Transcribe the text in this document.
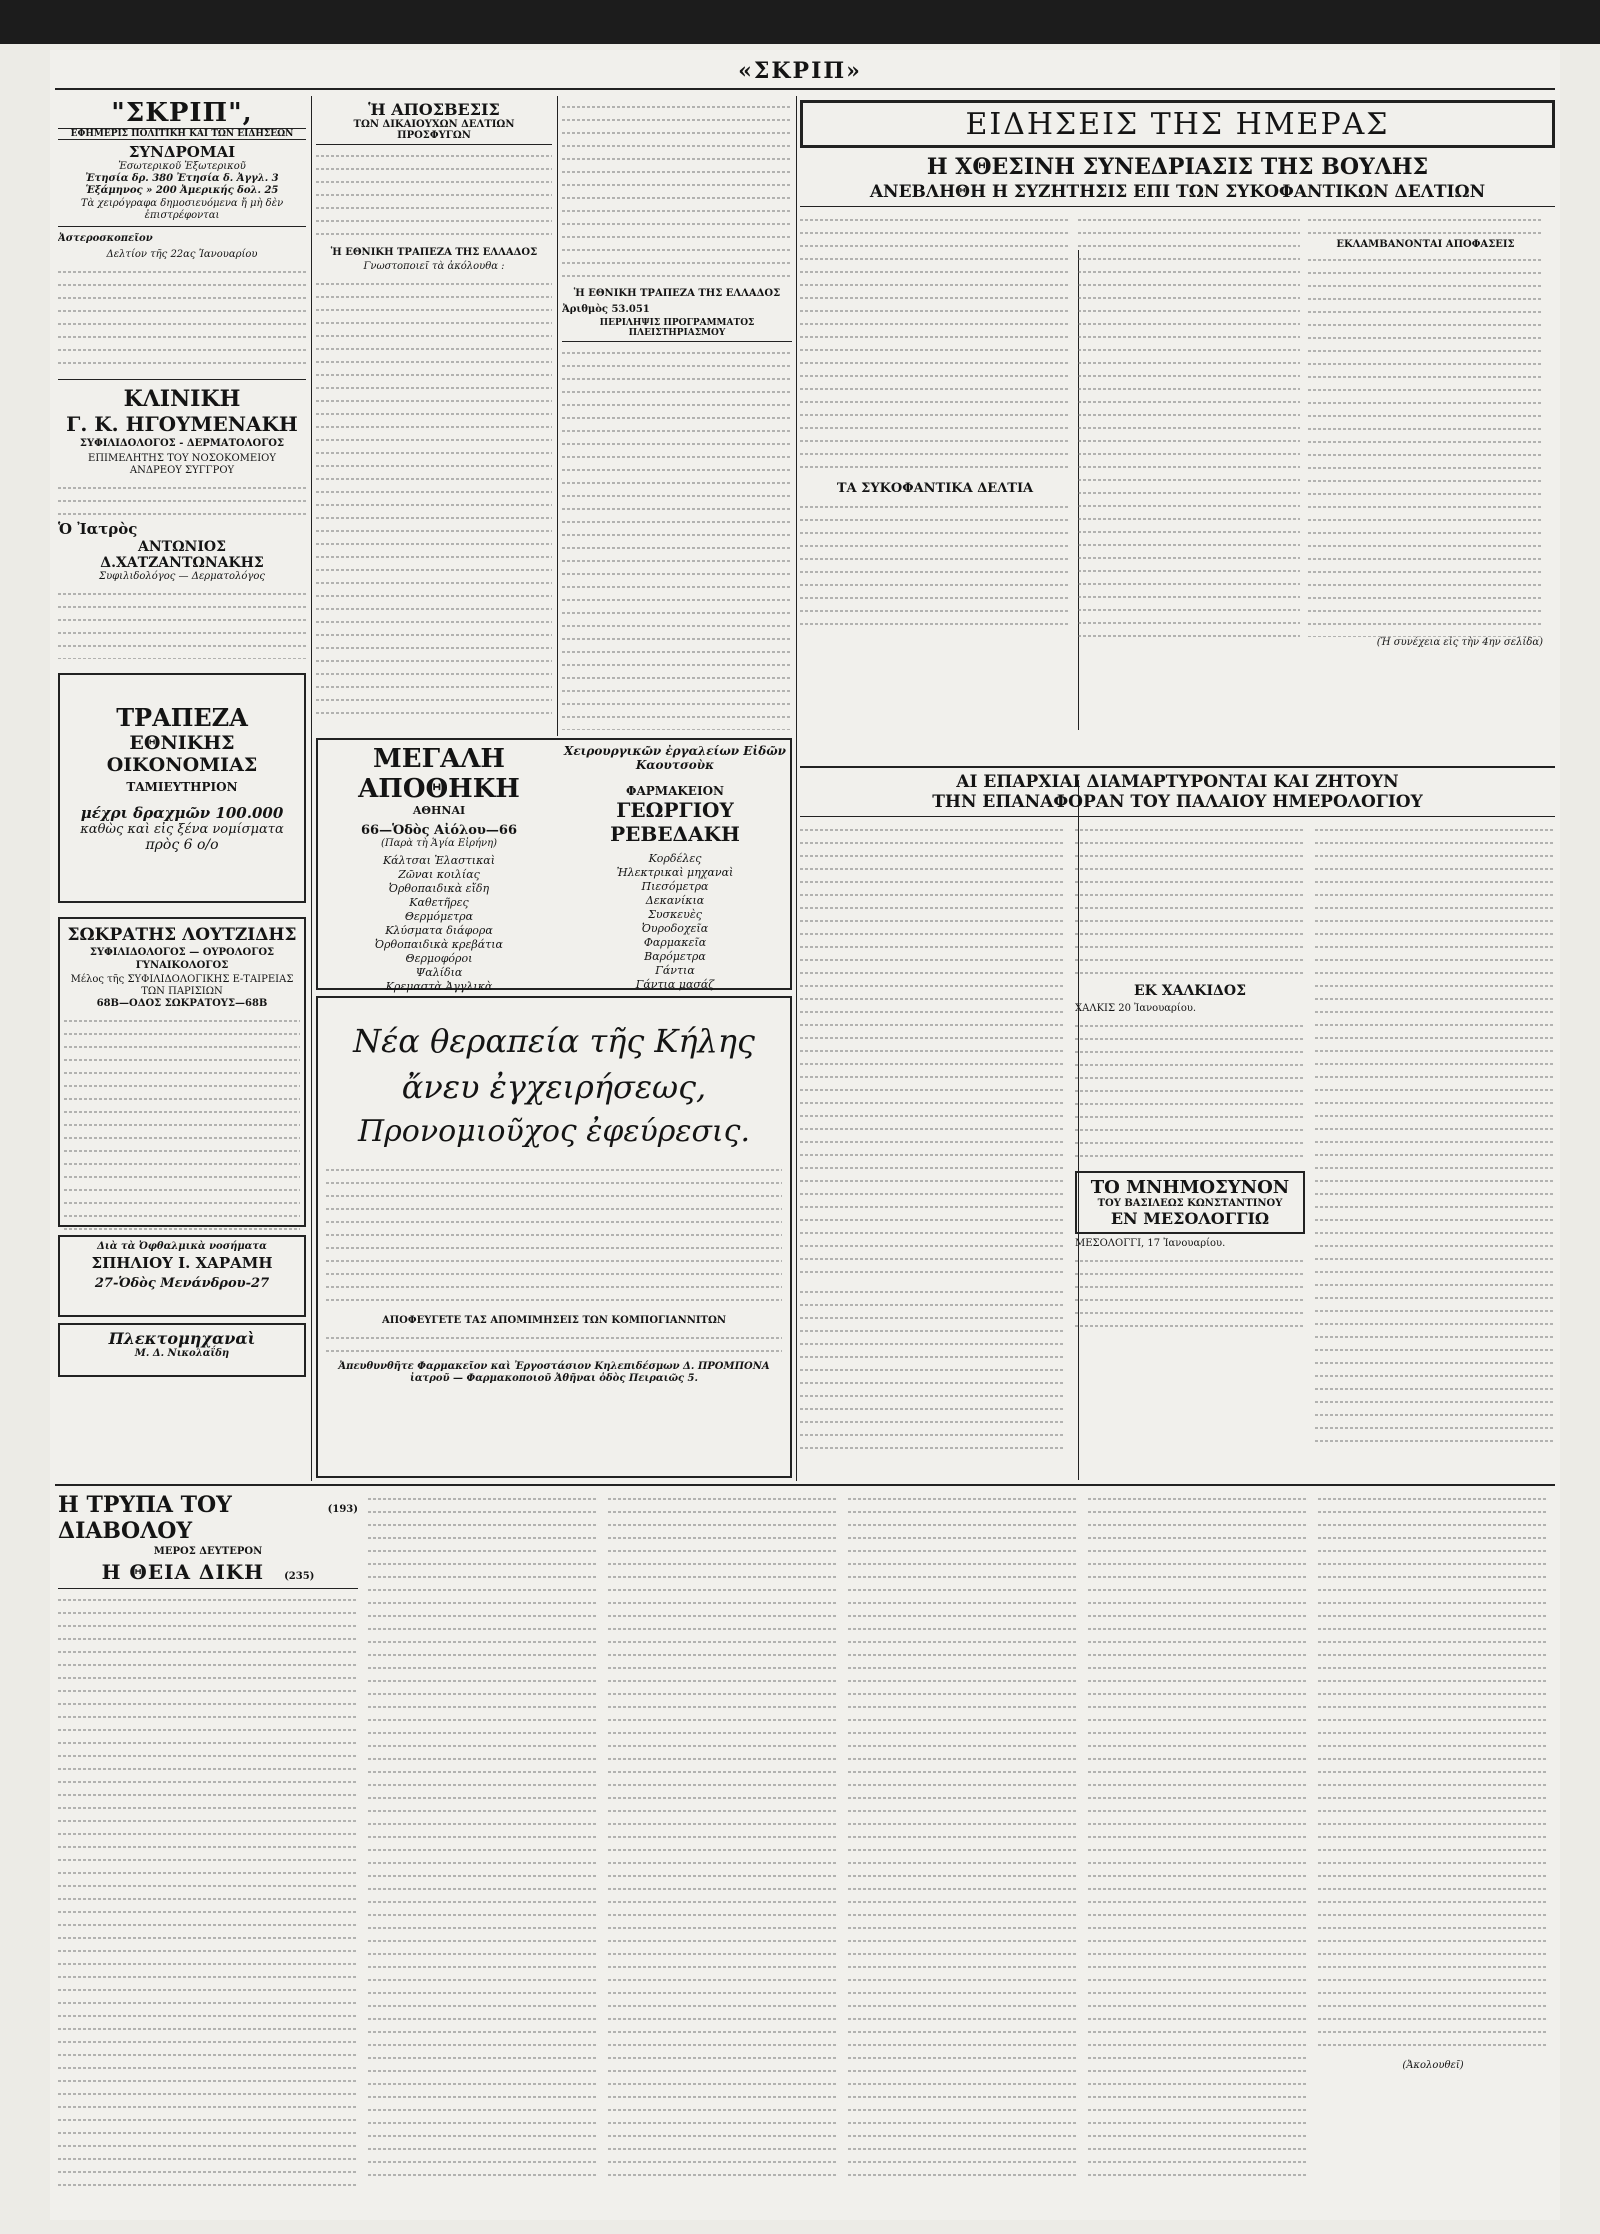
«ΣΚΡΙΠ»
"ΣΚΡΙΠ",
ΕΦΗΜΕΡΙΣ ΠΟΛΙΤΙΚΗ ΚΑΙ ΤΩΝ ΕΙΔΗΣΕΩΝ
ΣΥΝΔΡΟΜΑΙ
Ἐσωτερικοῦ Ἐξωτερικοῦ
Ἐτησία δρ. 380 Ἐτησία δ. Ἀγγλ. 3
Ἑξάμηνος » 200 Ἀμερικής δολ. 25
Τὰ χειρόγραφα δημοσιευόμενα ἤ μὴ δὲν ἐπιστρέφονται
Ἀστεροσκοπεῖον
Δελτίον τῆς 22ας Ἰανουαρίου
ΚΛΙΝΙΚΗ
Γ. Κ. ΗΓΟΥΜΕΝΑΚΗ
ΣΥΦΙΛΙΔΟΛΟΓΟΣ - ΔΕΡΜΑΤΟΛΟΓΟΣ
ΕΠΙΜΕΛΗΤΗΣ ΤΟΥ ΝΟΣΟΚΟΜΕΙΟΥ
ΑΝΔΡΕΟΥ ΣΥΓΓΡΟΥ
Ὁ Ἰατρὸς
ΑΝΤΩΝΙΟΣ Δ.ΧΑΤΖΑΝΤΩΝΑΚΗΣ
Συφιλιδολόγος — Δερματολόγος
ΤΡΑΠΕΖΑ
ΕΘΝΙΚΗΣ ΟΙΚΟΝΟΜΙΑΣ
ΤΑΜΙΕΥΤΗΡΙΟΝ
μέχρι δραχμῶν 100.000
καθὼς καὶ εἰς ξένα νομίσματα
πρὸς 6 ο/ο
ΣΩΚΡΑΤΗΣ ΛΟΥΤΖΙΔΗΣ
ΣΥΦΙΛΙΔΟΛΟΓΟΣ — ΟΥΡΟΛΟΓΟΣ ΓΥΝΑΙΚΟΛΟΓΟΣ
Μέλος τῆς ΣΥΦΙΛΙΔΟΛΟΓΙΚΗΣ Ε-ΤΑΙΡΕΙΑΣ ΤΩΝ ΠΑΡΙΣΙΩΝ
68Β—ΟΔΟΣ ΣΩΚΡΑΤΟΥΣ—68Β
Διὰ τὰ Ὀφθαλμικὰ νοσήματα
ΣΠΗΛΙΟΥ Ι. ΧΑΡΑΜΗ
27-Ὁδὸς Μενάνδρου-27
Πλεκτομηχαναὶ
Μ. Δ. Νικολαΐδη
Ἡ ΑΠΟΣΒΕΣΙΣ
ΤΩΝ ΔΙΚΑΙΟΥΧΩΝ ΔΕΛΤΙΩΝ ΠΡΟΣΦΥΓΩΝ
Ἡ ΕΘΝΙΚΗ ΤΡΑΠΕΖΑ ΤΗΣ ΕΛΛΑΔΟΣ
Γνωστοποιεῖ τὰ ἀκόλουθα :
Ἡ ΕΘΝΙΚΗ ΤΡΑΠΕΖΑ ΤΗΣ ΕΛΛΑΔΟΣ
Ἀριθμὸς 53.051
ΠΕΡΙΛΗΨΙΣ ΠΡΟΓΡΑΜΜΑΤΟΣ ΠΛΕΙΣΤΗΡΙΑΣΜΟΥ
ΕΙΔΗΣΕΙΣ ΤΗΣ ΗΜΕΡΑΣ
Η ΧΘΕΣΙΝΗ ΣΥΝΕΔΡΙΑΣΙΣ ΤΗΣ ΒΟΥΛΗΣ
ΑΝΕΒΛΗΘΗ Η ΣΥΖΗΤΗΣΙΣ ΕΠΙ ΤΩΝ ΣΥΚΟΦΑΝΤΙΚΩΝ ΔΕΛΤΙΩΝ
ΤΑ ΣΥΚΟΦΑΝΤΙΚΑ ΔΕΛΤΙΑ
ΕΚΛΑΜΒΑΝΟΝΤΑΙ ΑΠΟΦΑΣΕΙΣ
(Ἡ συνέχεια εἰς τὴν 4ην σελίδα)
ΜΕΓΑΛΗ ΑΠΟΘΗΚΗ
ΑΘΗΝΑΙ
66—Ὁδὸς Αἰόλου—66
(Παρὰ τὴ Ἁγία Εἰρήνη)
Κάλτσαι Ἐλαστικαὶ
Ζῶναι κοιλίας
Ὀρθοπαιδικὰ εἴδη
Καθετῆρες
Θερμόμετρα
Κλύσματα διάφορα
Ὀρθοπαιδικὰ κρεβάτια
Θερμοφόροι
Ψαλίδια
Κρεμαστὰ Ἀγγλικὰ
Χειρουργικῶν ἐργαλείων Εἰδῶν Καουτσοὺκ
ΦΑΡΜΑΚΕΙΟΝ
ΓΕΩΡΓΙΟΥ ΡΕΒΕΔΑΚΗ
Κορδέλες
Ἠλεκτρικαὶ μηχαναὶ
Πιεσόμετρα
Δεκανίκια
Συσκευὲς
Ὀυροδοχεῖα
Φαρμακεῖα
Βαρόμετρα
Γάντια
Γάντια μασάζ
Νέα θεραπεία τῆς Κήλης
ἄνευ ἐγχειρήσεως,
Προνομιοῦχος ἐφεύρεσις.
ΑΠΟΦΕΥΓΕΤΕ ΤΑΣ ΑΠΟΜΙΜΗΣΕΙΣ ΤΩΝ ΚΟΜΠΟΓΙΑΝΝΙΤΩΝ
Ἀπευθυνθῆτε Φαρμακεῖον καὶ Ἐργοστάσιον Κηλεπιδέσμων Δ. ΠΡΟΜΠΟΝΑ ἰατροῦ — Φαρμακοποιοῦ Ἀθῆναι ὁδὸς Πειραιῶς 5.
ΑΙ ΕΠΑΡΧΙΑΙ ΔΙΑΜΑΡΤΥΡΟΝΤΑΙ ΚΑΙ ΖΗΤΟΥΝ
ΤΗΝ ΕΠΑΝΑΦΟΡΑΝ ΤΟΥ ΠΑΛΑΙΟΥ ΗΜΕΡΟΛΟΓΙΟΥ
ΕΚ ΧΑΛΚΙΔΟΣ
ΧΑΛΚΙΣ 20 Ἰανουαρίου.
ΤΟ ΜΝΗΜΟΣΥΝΟΝ
ΤΟΥ ΒΑΣΙΛΕΩΣ ΚΩΝΣΤΑΝΤΙΝΟΥ
ΕΝ ΜΕΣΟΛΟΓΓΙΩ
ΜΕΣΟΛΟΓΓΙ, 17 Ἰανουαρίου.
Η ΤΡΥΠΑ ΤΟΥ ΔΙΑΒΟΛΟΥ
(193)
ΜΕΡΟΣ ΔΕΥΤΕΡΟΝ
Η ΘΕΙΑ ΔΙΚΗ (235)
(Ἀκολουθεῖ)
